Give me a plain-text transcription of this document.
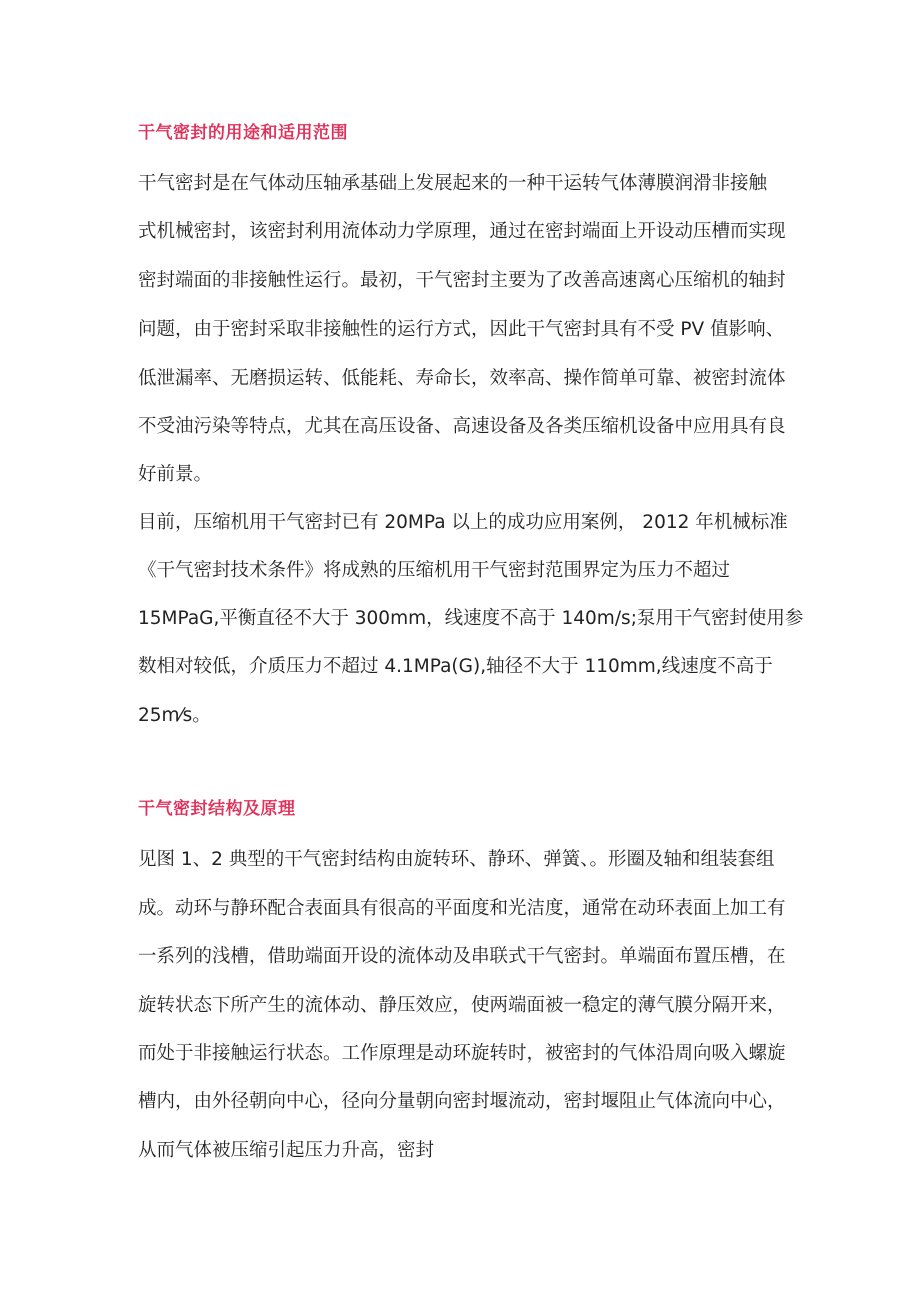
干气密封的用途和适用范围

干气密封是在气体动压轴承基础上发展起来的一种干运转气体薄膜润滑非接触

式机械密封，该密封利用流体动力学原理，通过在密封端面上开设动压槽而实现

密封端面的非接触性运行。最初，干气密封主要为了改善高速离心压缩机的轴封

问题，由于密封采取非接触性的运行方式，因此干气密封具有不受 PV 值影响、

低泄漏率、无磨损运转、低能耗、寿命长，效率高、操作简单可靠、被密封流体

不受油污染等特点，尤其在高压设备、高速设备及各类压缩机设备中应用具有良

好前景。

目前，压缩机用干气密封已有 20MPa 以上的成功应用案例， 2012 年机械标准

《干气密封技术条件》将成熟的压缩机用干气密封范围界定为压力不超过

15MPaG,平衡直径不大于 300mm，线速度不高于 140m/s;泵用干气密封使用参

数相对较低，介质压力不超过 4.1MPa(G),轴径不大于 110mm,线速度不高于

25m⁄s。

干气密封结构及原理

见图 1、2 典型的干气密封结构由旋转环、静环、弹簧、。形圈及轴和组装套组

成。动环与静环配合表面具有很高的平面度和光洁度，通常在动环表面上加工有

一系列的浅槽，借助端面开设的流体动及串联式干气密封。单端面布置压槽，在

旋转状态下所产生的流体动、静压效应，使两端面被一稳定的薄气膜分隔开来，

而处于非接触运行状态。工作原理是动环旋转时，被密封的气体沿周向吸入螺旋

槽内，由外径朝向中心，径向分量朝向密封堰流动，密封堰阻止气体流向中心，

从而气体被压缩引起压力升高，密封
